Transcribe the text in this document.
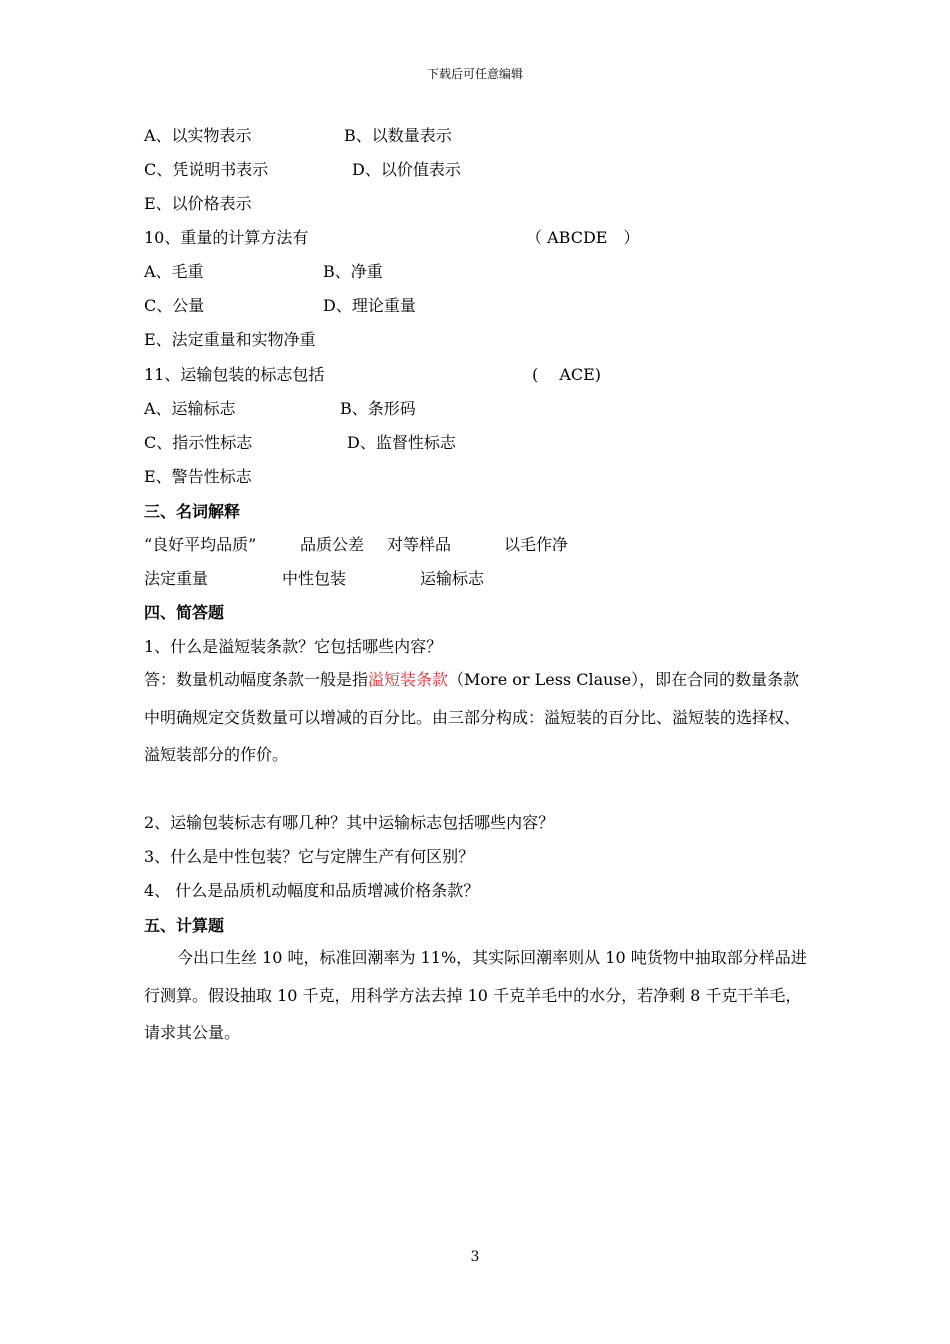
下载后可任意编辑
A、以实物表示	B、以数量表示
C、凭说明书表示	D、以价值表示
E、以价格表示
10、重量的计算方法有	（ ABCDE　）
A、毛重	B、净重
C、公量	D、理论重量
E、法定重量和实物净重
11、运输包装的标志包括	(　 ACE)
A、运输标志	B、条形码
C、指示性标志	D、监督性标志
E、警告性标志
三、名词解释
“良好平均品质”	品质公差 对等样品	以毛作净
法定重量	中性包装	运输标志
四、简答题
1、什么是溢短装条款？它包括哪些内容？
答：数量机动幅度条款一般是指溢短装条款（More or Less Clause），即在合同的数量条款中明确规定交货数量可以增减的百分比。由三部分构成：溢短装的百分比、溢短装的选择权、溢短装部分的作价。
2、运输包装标志有哪几种？其中运输标志包括哪些内容？
3、什么是中性包装？它与定牌生产有何区别？
4、 什么是品质机动幅度和品质增减价格条款？
五、计算题
今出口生丝 10 吨，标准回潮率为 11%，其实际回潮率则从 10 吨货物中抽取部分样品进行测算。假设抽取 10 千克，用科学方法去掉 10 千克羊毛中的水分，若净剩 8 千克干羊毛，请求其公量。
3
